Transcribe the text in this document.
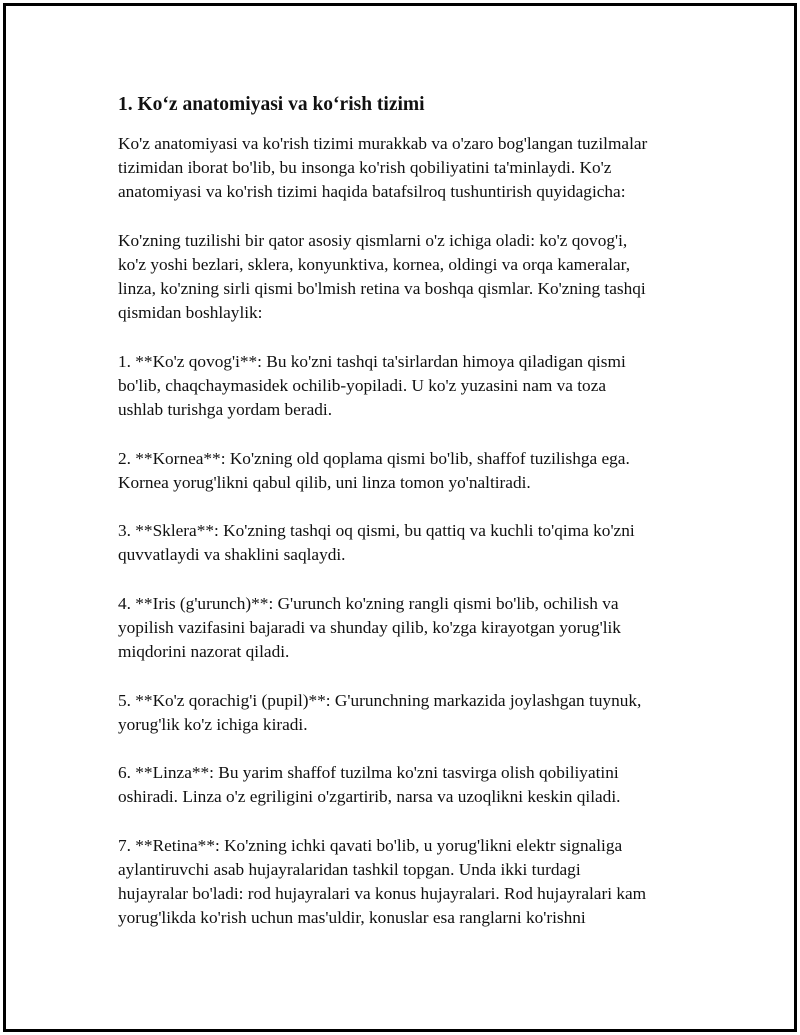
1. Ko‘z anatomiyasi va ko‘rish tizimi
Ko'z anatomiyasi va ko'rish tizimi murakkab va o'zaro bog'langan tuzilmalar
tizimidan iborat bo'lib, bu insonga ko'rish qobiliyatini ta'minlaydi. Ko'z
anatomiyasi va ko'rish tizimi haqida batafsilroq tushuntirish quyidagicha:
Ko'zning tuzilishi bir qator asosiy qismlarni o'z ichiga oladi: ko'z qovog'i,
ko'z yoshi bezlari, sklera, konyunktiva, kornea, oldingi va orqa kameralar,
linza, ko'zning sirli qismi bo'lmish retina va boshqa qismlar. Ko'zning tashqi
qismidan boshlaylik:
1. **Ko'z qovog'i**: Bu ko'zni tashqi ta'sirlardan himoya qiladigan qismi
bo'lib, chaqchaymasidek ochilib-yopiladi. U ko'z yuzasini nam va toza
ushlab turishga yordam beradi.
2. **Kornea**: Ko'zning old qoplama qismi bo'lib, shaffof tuzilishga ega.
Kornea yorug'likni qabul qilib, uni linza tomon yo'naltiradi.
3. **Sklera**: Ko'zning tashqi oq qismi, bu qattiq va kuchli to'qima ko'zni
quvvatlaydi va shaklini saqlaydi.
4. **Iris (g'urunch)**: G'urunch ko'zning rangli qismi bo'lib, ochilish va
yopilish vazifasini bajaradi va shunday qilib, ko'zga kirayotgan yorug'lik
miqdorini nazorat qiladi.
5. **Ko'z qorachig'i (pupil)**: G'urunchning markazida joylashgan tuynuk,
yorug'lik ko'z ichiga kiradi.
6. **Linza**: Bu yarim shaffof tuzilma ko'zni tasvirga olish qobiliyatini
oshiradi. Linza o'z egriligini o'zgartirib, narsa va uzoqlikni keskin qiladi.
7. **Retina**: Ko'zning ichki qavati bo'lib, u yorug'likni elektr signaliga
aylantiruvchi asab hujayralaridan tashkil topgan. Unda ikki turdagi
hujayralar bo'ladi: rod hujayralari va konus hujayralari. Rod hujayralari kam
yorug'likda ko'rish uchun mas'uldir, konuslar esa ranglarni ko'rishni
